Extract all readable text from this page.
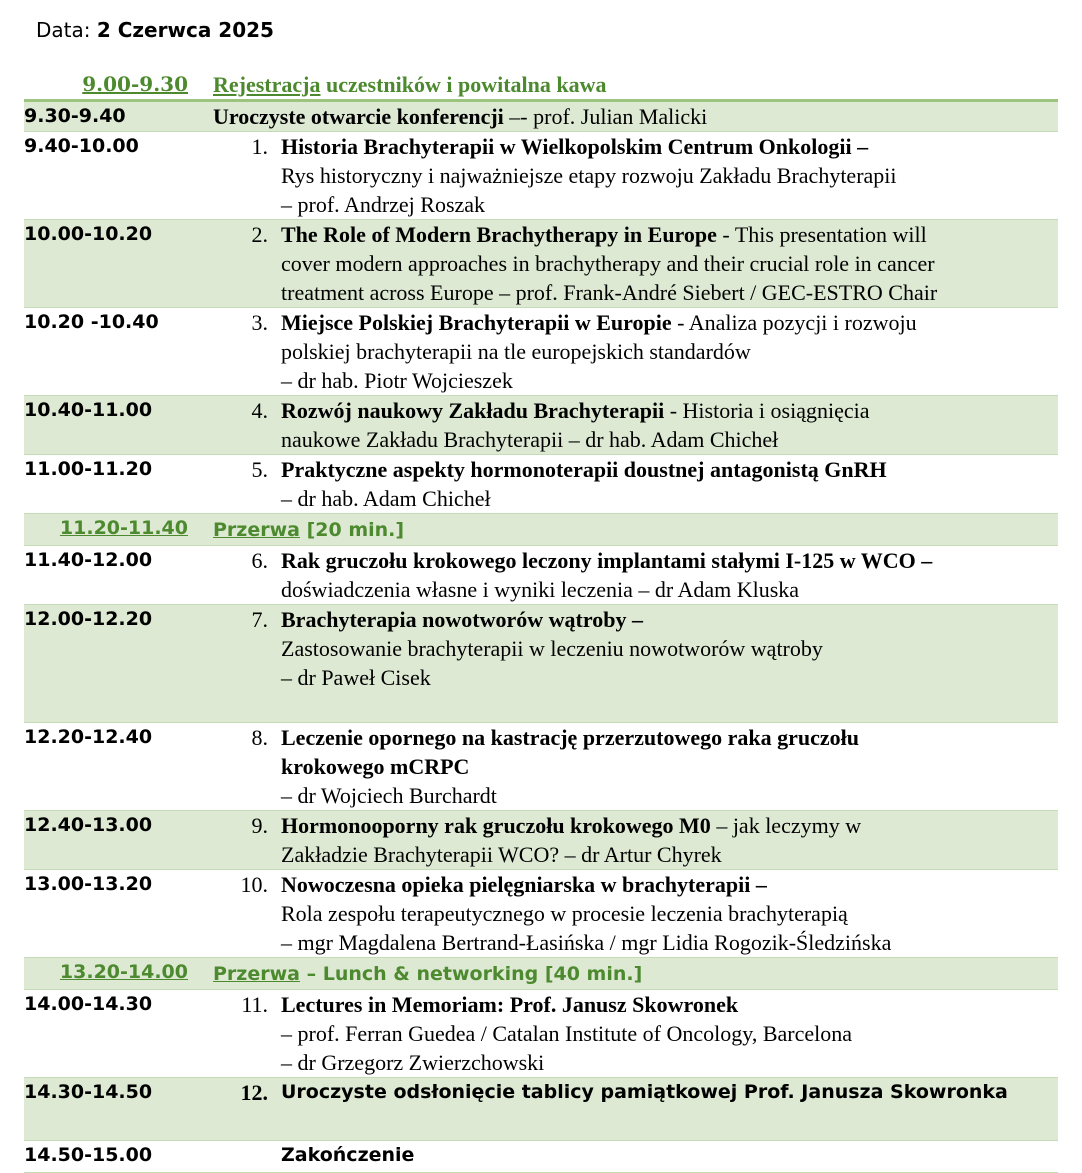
Data: 2 Czerwca 2025
9.00-9.30	Rejestracja uczestników i powitalna kawa
9.30-9.40	Uroczyste otwarcie konferencji –- prof. Julian Malicki
9.40-10.00	1. Historia Brachyterapii w Wielkopolskim Centrum Onkologii –
Rys historyczny i najważniejsze etapy rozwoju Zakładu Brachyterapii
– prof. Andrzej Roszak

10.00-10.20	2. The Role of Modern Brachytherapy in Europe - This presentation will
cover modern approaches in brachytherapy and their crucial role in cancer
treatment across Europe – prof. Frank-André Siebert / GEC-ESTRO Chair

10.20 -10.40	3. Miejsce Polskiej Brachyterapii w Europie - Analiza pozycji i rozwoju
polskiej brachyterapii na tle europejskich standardów
– dr hab. Piotr Wojcieszek

10.40-11.00	4. Rozwój naukowy Zakładu Brachyterapii - Historia i osiągnięcia
naukowe Zakładu Brachyterapii – dr hab. Adam Chicheł

11.00-11.20	5. Praktyczne aspekty hormonoterapii doustnej antagonistą GnRH
– dr hab. Adam Chicheł

11.20-11.40	Przerwa [20 min.]
11.40-12.00	6. Rak gruczołu krokowego leczony implantami stałymi I-125 w WCO –
doświadczenia własne i wyniki leczenia – dr Adam Kluska

12.00-12.20	7. Brachyterapia nowotworów wątroby –
Zastosowanie brachyterapii w leczeniu nowotworów wątroby
– dr Paweł Cisek

12.20-12.40	8. Leczenie opornego na kastrację przerzutowego raka gruczołu
krokowego mCRPC
– dr Wojciech Burchardt

12.40-13.00	9. Hormonooporny rak gruczołu krokowego M0 – jak leczymy w
Zakładzie Brachyterapii WCO? – dr Artur Chyrek

13.00-13.20	10. Nowoczesna opieka pielęgniarska w brachyterapii –
Rola zespołu terapeutycznego w procesie leczenia brachyterapią
– mgr Magdalena Bertrand-Łasińska / mgr Lidia Rogozik-Śledzińska

13.20-14.00	Przerwa – Lunch & networking [40 min.]
14.00-14.30	11. Lectures in Memoriam: Prof. Janusz Skowronek
– prof. Ferran Guedea / Catalan Institute of Oncology, Barcelona
– dr Grzegorz Zwierzchowski

14.30-14.50	12. Uroczyste odsłonięcie tablicy pamiątkowej Prof. Janusza Skowronka

14.50-15.00	Zakończenie
